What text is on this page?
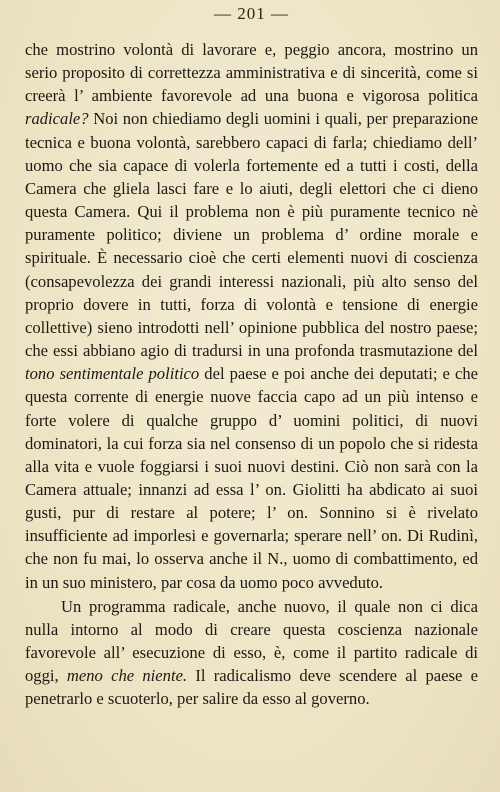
— 201 —

che mostrino volontà di lavorare e, peggio ancora, mostrino un serio proposito di correttezza amministrativa e di sincerità, come si creerà l’ ambiente favorevole ad una buona e vigorosa politica radicale? Noi non chiediamo degli uomini i quali, per preparazione tecnica e buona volontà, sarebbero capaci di farla; chiediamo dell’ uomo che sia capace di volerla fortemente ed a tutti i costi, della Camera che gliela lasci fare e lo aiuti, degli elettori che ci dieno questa Camera. Qui il problema non è più puramente tecnico nè puramente politico; diviene un problema d’ ordine morale e spirituale. È necessario cioè che certi elementi nuovi di coscienza (consapevolezza dei grandi interessi nazionali, più alto senso del proprio dovere in tutti, forza di volontà e tensione di energie collettive) sieno introdotti nell’ opinione pubblica del nostro paese; che essi abbiano agio di tradursi in una profonda trasmutazione del tono sentimentale politico del paese e poi anche dei deputati; e che questa corrente di energie nuove faccia capo ad un più intenso e forte volere di qualche gruppo d’ uomini politici, di nuovi dominatori, la cui forza sia nel consenso di un popolo che si ridesta alla vita e vuole foggiarsi i suoi nuovi destini. Ciò non sarà con la Camera attuale; innanzi ad essa l’ on. Giolitti ha abdicato ai suoi gusti, pur di restare al potere; l’ on. Sonnino si è rivelato insufficiente ad imporlesi e governarla; sperare nell’ on. Di Rudinì, che non fu mai, lo osserva anche il N., uomo di combattimento, ed in un suo ministero, par cosa da uomo poco avveduto.

Un programma radicale, anche nuovo, il quale non ci dica nulla intorno al modo di creare questa coscienza nazionale favorevole all’ esecuzione di esso, è, come il partito radicale di oggi, meno che niente. Il radicalismo deve scendere al paese e penetrarlo e scuoterlo, per salire da esso al governo.
